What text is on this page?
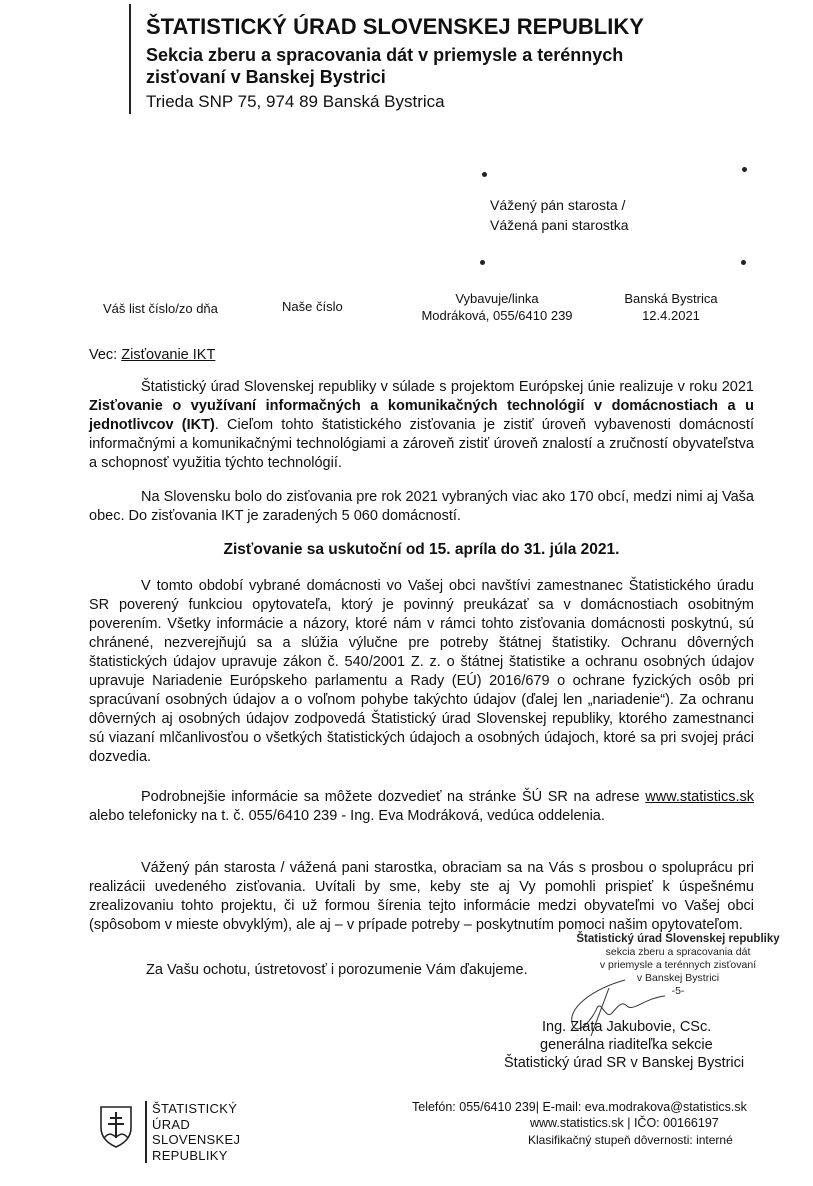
ŠTATISTICKÝ ÚRAD SLOVENSKEJ REPUBLIKY
Sekcia zberu a spracovania dát v priemysle a terénnych zisťovaní v Banskej Bystrici
Trieda SNP 75, 974 89 Banská Bystrica
Vážený pán starosta /
Vážená pani starostka
Váš list číslo/zo dňa	Naše číslo
Vybavuje/linka
Modráková, 055/6410 239
Banská Bystrica
12.4.2021
Vec: Zisťovanie IKT

Štatistický úrad Slovenskej republiky v súlade s projektom Európskej únie realizuje v roku 2021 Zisťovanie o využívaní informačných a komunikačných technológií v domácnostiach a u jednotlivcov (IKT). Cieľom tohto štatistického zisťovania je zistiť úroveň vybavenosti domácností informačnými a komunikačnými technológiami a zároveň zistiť úroveň znalostí a zručností obyvateľstva a schopnosť využitia týchto technológií.

Na Slovensku bolo do zisťovania pre rok 2021 vybraných viac ako 170 obcí, medzi nimi aj Vaša obec. Do zisťovania IKT je zaradených 5 060 domácností.

Zisťovanie sa uskutoční od 15. apríla do 31. júla 2021.

V tomto období vybrané domácnosti vo Vašej obci navštívi zamestnanec Štatistického úradu SR poverený funkciou opytovateľa, ktorý je povinný preukázať sa v domácnostiach osobitným poverením. Všetky informácie a názory, ktoré nám v rámci tohto zisťovania domácnosti poskytnú, sú chránené, nezverejňujú sa a slúžia výlučne pre potreby štátnej štatistiky. Ochranu dôverných štatistických údajov upravuje zákon č. 540/2001 Z. z. o štátnej štatistike a ochranu osobných údajov upravuje Nariadenie Európskeho parlamentu a Rady (EÚ) 2016/679 o ochrane fyzických osôb pri spracúvaní osobných údajov a o voľnom pohybe takýchto údajov (ďalej len „nariadenie“). Za ochranu dôverných aj osobných údajov zodpovedá Štatistický úrad Slovenskej republiky, ktorého zamestnanci sú viazaní mlčanlivosťou o všetkých štatistických údajoch a osobných údajoch, ktoré sa pri svojej práci dozvedia.

Podrobnejšie informácie sa môžete dozvedieť na stránke ŠÚ SR na adrese www.statistics.sk alebo telefonicky na t. č. 055/6410 239 - Ing. Eva Modráková, vedúca oddelenia.

Vážený pán starosta / vážená pani starostka, obraciam sa na Vás s prosbou o spoluprácu pri realizácii uvedeného zisťovania. Uvítali by sme, keby ste aj Vy pomohli prispieť k úspešnému zrealizovaniu tohto projektu, či už formou šírenia tejto informácie medzi obyvateľmi vo Vašej obci (spôsobom v mieste obvyklým), ale aj – v prípade potreby – poskytnutím pomoci našim opytovateľom.

Za Vašu ochotu, ústretovosť i porozumenie Vám ďakujeme.
Štatistický úrad Slovenskej republiky
sekcia zberu a spracovania dát
v priemysle a terénnych zisťovaní
v Banskej Bystrici
-5-
Ing. Zlata Jakubovie, CSc.
generálna riaditeľka sekcie
Štatistický úrad SR v Banskej Bystrici
ŠTATISTICKÝ
ÚRAD
SLOVENSKEJ
REPUBLIKY
Telefón: 055/6410 239| E-mail: eva.modrakova@statistics.sk
www.statistics.sk | IČO: 00166197
Klasifikačný stupeň dôvernosti: interné
